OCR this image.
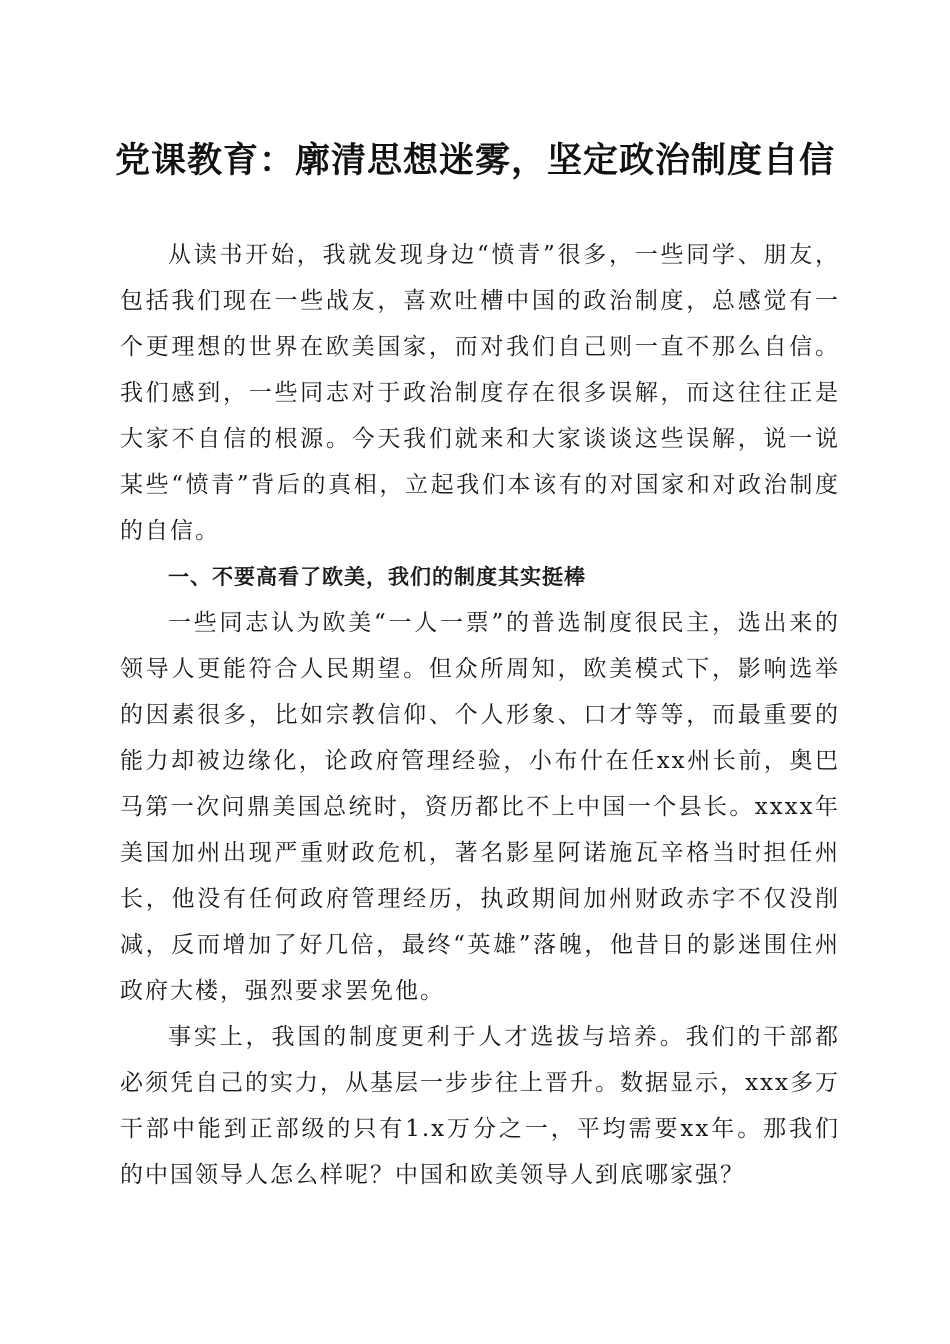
党课教育：廓清思想迷雾，坚定政治制度自信

从读书开始，我就发现身边“愤青”很多，一些同学、朋友，包括我们现在一些战友，喜欢吐槽中国的政治制度，总感觉有一个更理想的世界在欧美国家，而对我们自己则一直不那么自信。我们感到，一些同志对于政治制度存在很多误解，而这往往正是大家不自信的根源。今天我们就来和大家谈谈这些误解，说一说某些“愤青”背后的真相，立起我们本该有的对国家和对政治制度的自信。

一、不要高看了欧美，我们的制度其实挺棒

一些同志认为欧美“一人一票”的普选制度很民主，选出来的领导人更能符合人民期望。但众所周知，欧美模式下，影响选举的因素很多，比如宗教信仰、个人形象、口才等等，而最重要的能力却被边缘化，论政府管理经验，小布什在任xx州长前，奥巴马第一次问鼎美国总统时，资历都比不上中国一个县长。xxxx年美国加州出现严重财政危机，著名影星阿诺施瓦辛格当时担任州长，他没有任何政府管理经历，执政期间加州财政赤字不仅没削减，反而增加了好几倍，最终“英雄”落魄，他昔日的影迷围住州政府大楼，强烈要求罢免他。

事实上，我国的制度更利于人才选拔与培养。我们的干部都必须凭自己的实力，从基层一步步往上晋升。数据显示，xxx多万干部中能到正部级的只有1.x万分之一，平均需要xx年。那我们的中国领导人怎么样呢？中国和欧美领导人到底哪家强？
